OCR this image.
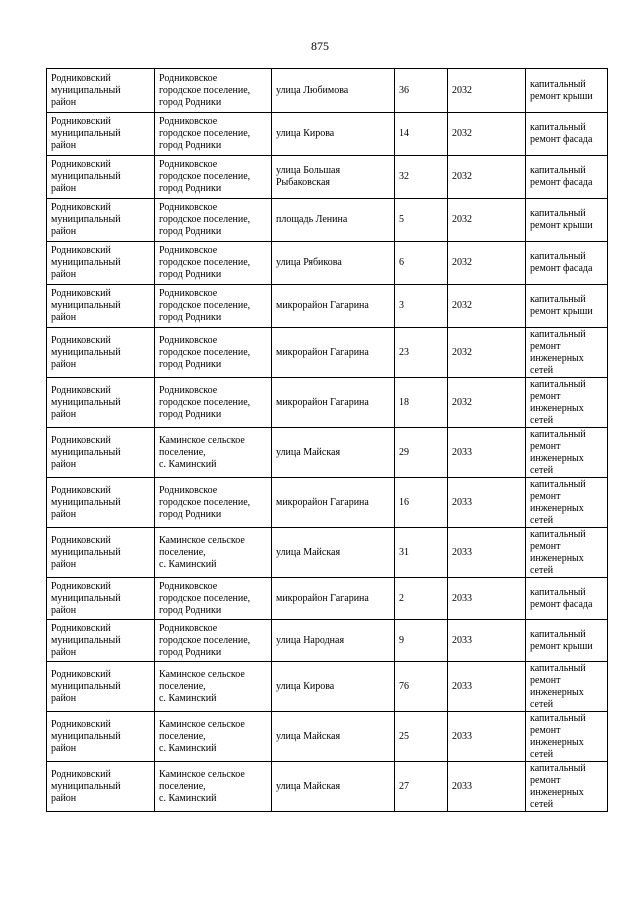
875
Родниковский
муниципальный
район	Родниковское
городское поселение,
город Родники	улица Любимова	36	2032	капитальный
ремонт крыши
Родниковский
муниципальный
район	Родниковское
городское поселение,
город Родники	улица Кирова	14	2032	капитальный
ремонт фасада
Родниковский
муниципальный
район	Родниковское
городское поселение,
город Родники	улица Большая
Рыбаковская	32	2032	капитальный
ремонт фасада
Родниковский
муниципальный
район	Родниковское
городское поселение,
город Родники	площадь Ленина	5	2032	капитальный
ремонт крыши
Родниковский
муниципальный
район	Родниковское
городское поселение,
город Родники	улица Рябикова	6	2032	капитальный
ремонт фасада
Родниковский
муниципальный
район	Родниковское
городское поселение,
город Родники	микрорайон Гагарина	3	2032	капитальный
ремонт крыши
Родниковский
муниципальный
район	Родниковское
городское поселение,
город Родники	микрорайон Гагарина	23	2032	капитальный
ремонт
инженерных
сетей
Родниковский
муниципальный
район	Родниковское
городское поселение,
город Родники	микрорайон Гагарина	18	2032	капитальный
ремонт
инженерных
сетей
Родниковский
муниципальный
район	Каминское сельское
поселение,
с. Каминский	улица Майская	29	2033	капитальный
ремонт
инженерных
сетей
Родниковский
муниципальный
район	Родниковское
городское поселение,
город Родники	микрорайон Гагарина	16	2033	капитальный
ремонт
инженерных
сетей
Родниковский
муниципальный
район	Каминское сельское
поселение,
с. Каминский	улица Майская	31	2033	капитальный
ремонт
инженерных
сетей
Родниковский
муниципальный
район	Родниковское
городское поселение,
город Родники	микрорайон Гагарина	2	2033	капитальный
ремонт фасада
Родниковский
муниципальный
район	Родниковское
городское поселение,
город Родники	улица Народная	9	2033	капитальный
ремонт крыши
Родниковский
муниципальный
район	Каминское сельское
поселение,
с. Каминский	улица Кирова	76	2033	капитальный
ремонт
инженерных
сетей
Родниковский
муниципальный
район	Каминское сельское
поселение,
с. Каминский	улица Майская	25	2033	капитальный
ремонт
инженерных
сетей
Родниковский
муниципальный
район	Каминское сельское
поселение,
с. Каминский	улица Майская	27	2033	капитальный
ремонт
инженерных
сетей
